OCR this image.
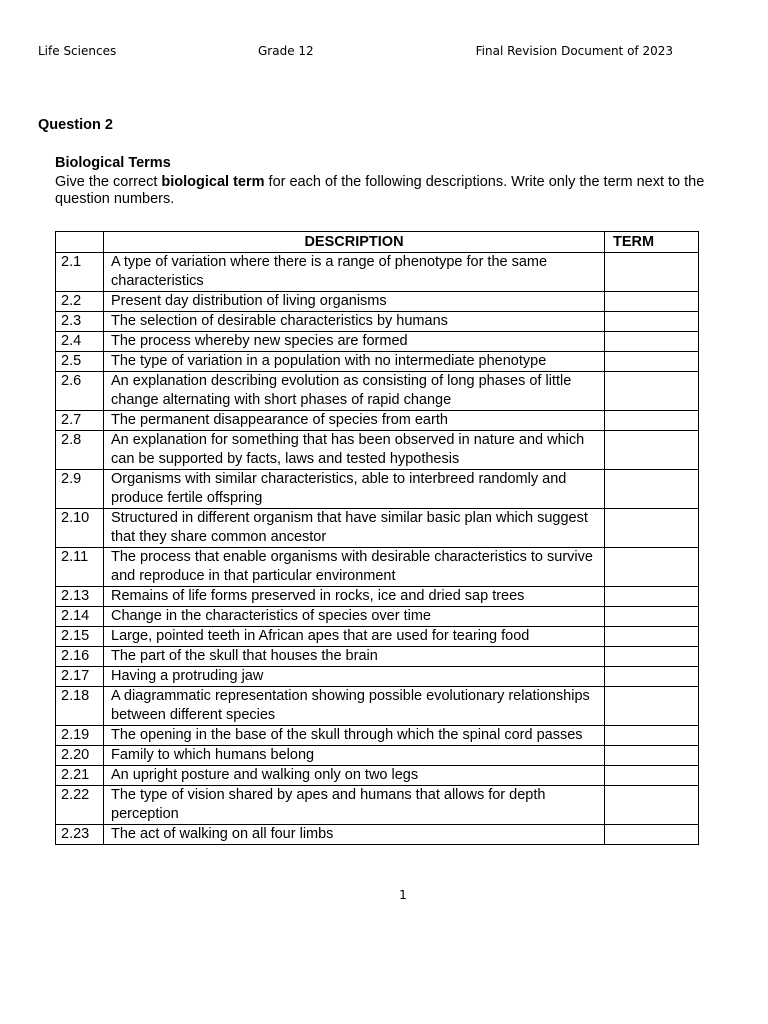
Life Sciences	Grade 12	Final Revision Document of 2023
Question 2
Biological Terms
Give the correct biological term for each of the following descriptions. Write only the term next to the question numbers.
	DESCRIPTION	TERM
2.1	A type of variation where there is a range of phenotype for the same characteristics	
2.2	Present day distribution of living organisms	
2.3	The selection of desirable characteristics by humans	
2.4	The process whereby new species are formed	
2.5	The type of variation in a population with no intermediate phenotype	
2.6	An explanation describing evolution as consisting of long phases of little change alternating with short phases of rapid change	
2.7	The permanent disappearance of species from earth	
2.8	An explanation for something that has been observed in nature and which can be supported by facts, laws and tested hypothesis	
2.9	Organisms with similar characteristics, able to interbreed randomly and produce fertile offspring	
2.10	Structured in different organism that have similar basic plan which suggest that they share common ancestor	
2.11	The process that enable organisms with desirable characteristics to survive and reproduce in that particular environment	
2.13	Remains of life forms preserved in rocks, ice and dried sap trees	
2.14	Change in the characteristics of species over time	
2.15	Large, pointed teeth in African apes that are used for tearing food	
2.16	The part of the skull that houses the brain	
2.17	Having a protruding jaw	
2.18	A diagrammatic representation showing possible evolutionary relationships between different species	
2.19	The opening in the base of the skull through which the spinal cord passes	
2.20	Family to which humans belong	
2.21	An upright posture and walking only on two legs	
2.22	The type of vision shared by apes and humans that allows for depth perception	
2.23	The act of walking on all four limbs	
1
